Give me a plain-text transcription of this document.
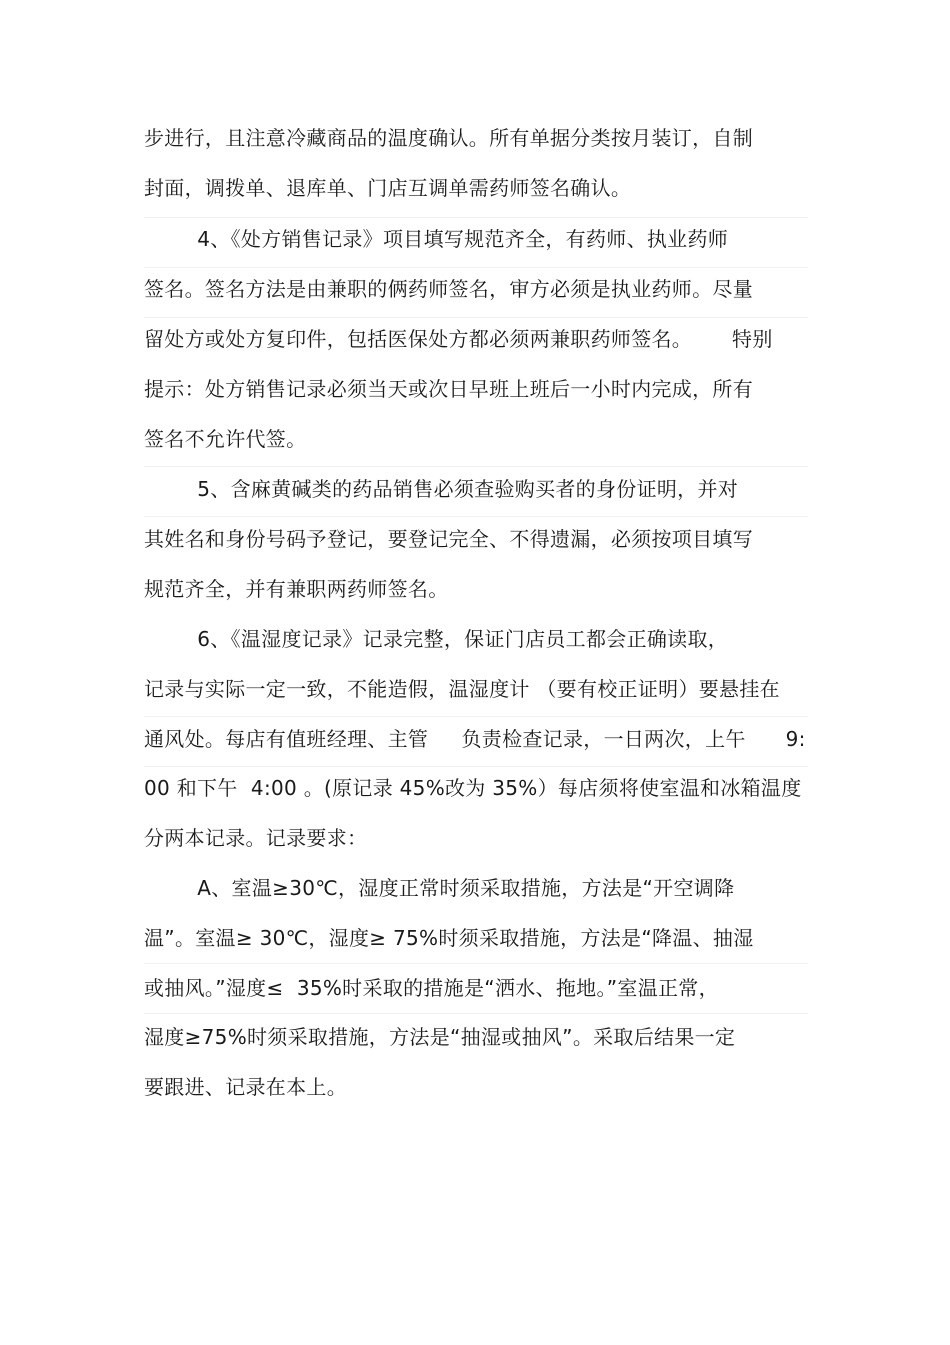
步进行，且注意冷藏商品的温度确认。所有单据分类按月装订，自制
封面，调拨单、退库单、门店互调单需药师签名确认。
4、《处方销售记录》项目填写规范齐全，有药师、执业药师
签名。签名方法是由兼职的俩药师签名，审方必须是执业药师。尽量
留处方或处方复印件，包括医保处方都必须两兼职药师签名。      特别
提示：处方销售记录必须当天或次日早班上班后一小时内完成，所有
签名不允许代签。
5、含麻黄碱类的药品销售必须查验购买者的身份证明，并对
其姓名和身份号码予登记，要登记完全、不得遗漏，必须按项目填写
规范齐全，并有兼职两药师签名。
6、《温湿度记录》记录完整，保证门店员工都会正确读取，
记录与实际一定一致，不能造假，温湿度计 （要有校正证明）要悬挂在
通风处。每店有值班经理、主管     负责检查记录，一日两次，上午      9:
00 和下午  4:00 。(原记录 45%改为 35%）每店须将使室温和冰箱温度
分两本记录。记录要求：
A、室温≥30℃，湿度正常时须采取措施，方法是“开空调降
温”。室温≥ 30℃，湿度≥ 75%时须采取措施，方法是“降温、抽湿
或抽风。”湿度≤  35%时采取的措施是“洒水、拖地。”室温正常，
湿度≥75%时须采取措施，方法是“抽湿或抽风”。采取后结果一定
要跟进、记录在本上。
